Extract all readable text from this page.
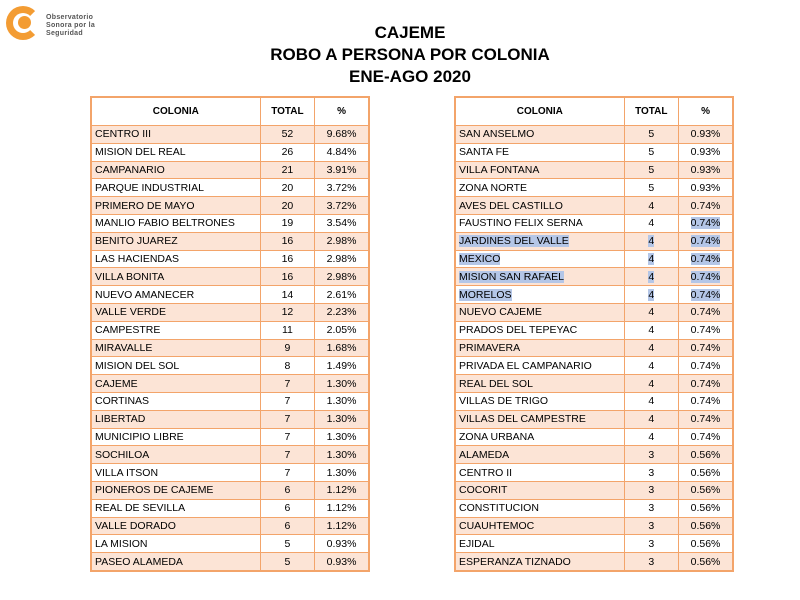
Observatorio
Sonora por la
Seguridad	CAJEME
ROBO A PERSONA POR COLONIA
ENE-AGO 2020
COLONIA	TOTAL	%
CENTRO III	52	9.68%
MISION DEL REAL	26	4.84%
CAMPANARIO	21	3.91%
PARQUE INDUSTRIAL	20	3.72%
PRIMERO DE MAYO	20	3.72%
MANLIO FABIO BELTRONES	19	3.54%
BENITO JUAREZ	16	2.98%
LAS HACIENDAS	16	2.98%
VILLA BONITA	16	2.98%
NUEVO AMANECER	14	2.61%
VALLE VERDE	12	2.23%
CAMPESTRE	11	2.05%
MIRAVALLE	9	1.68%
MISION DEL SOL	8	1.49%
CAJEME	7	1.30%
CORTINAS	7	1.30%
LIBERTAD	7	1.30%
MUNICIPIO LIBRE	7	1.30%
SOCHILOA	7	1.30%
VILLA ITSON	7	1.30%
PIONEROS DE CAJEME	6	1.12%
REAL DE SEVILLA	6	1.12%
VALLE DORADO	6	1.12%
LA MISION	5	0.93%
PASEO ALAMEDA	5	0.93%
COLONIA	TOTAL	%
SAN ANSELMO	5	0.93%
SANTA FE	5	0.93%
VILLA FONTANA	5	0.93%
ZONA NORTE	5	0.93%
AVES DEL CASTILLO	4	0.74%
FAUSTINO FELIX SERNA	4	0.74%
JARDINES DEL VALLE	4	0.74%
MEXICO	4	0.74%
MISION SAN RAFAEL	4	0.74%
MORELOS	4	0.74%
NUEVO CAJEME	4	0.74%
PRADOS DEL TEPEYAC	4	0.74%
PRIMAVERA	4	0.74%
PRIVADA EL CAMPANARIO	4	0.74%
REAL DEL SOL	4	0.74%
VILLAS DE TRIGO	4	0.74%
VILLAS DEL CAMPESTRE	4	0.74%
ZONA URBANA	4	0.74%
ALAMEDA	3	0.56%
CENTRO II	3	0.56%
COCORIT	3	0.56%
CONSTITUCION	3	0.56%
CUAUHTEMOC	3	0.56%
EJIDAL	3	0.56%
ESPERANZA TIZNADO	3	0.56%
